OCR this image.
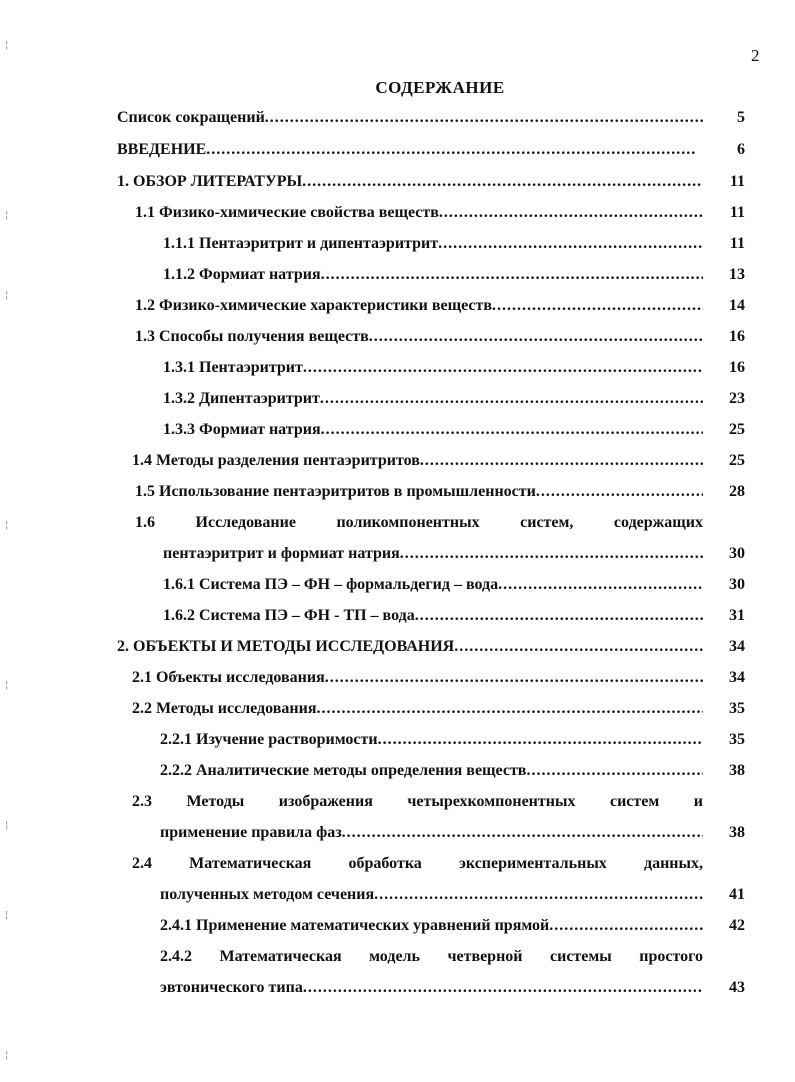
2
СОДЕРЖАНИЕ
Список сокращений .....	5
ВВЕДЕНИЕ .....	6
1. ОБЗОР ЛИТЕРАТУРЫ .....	11
1.1 Физико-химические свойства веществ .....	11
1.1.1 Пентаэритрит и дипентаэритрит .....	11
1.1.2 Формиат натрия .....	13
1.2 Физико-химические характеристики веществ .....	14
1.3 Способы получения веществ .....	16
1.3.1 Пентаэритрит .....	16
1.3.2 Дипентаэритрит .....	23
1.3.3 Формиат натрия .....	25
1.4 Методы разделения пентаэритритов .....	25
1.5 Использование пентаэритритов в промышленности .....	28
1.6 Исследование поликомпонентных систем, содержащих
пентаэритрит и формиат натрия .....	30
1.6.1 Система ПЭ – ФН – формальдегид – вода .....	30
1.6.2 Система ПЭ – ФН - ТП – вода .....	31
2. ОБЪЕКТЫ И МЕТОДЫ ИССЛЕДОВАНИЯ .....	34
2.1 Объекты исследования .....	34
2.2 Методы исследования .....	35
2.2.1 Изучение растворимости .....	35
2.2.2 Аналитические методы определения веществ .....	38
2.3 Методы изображения четырехкомпонентных систем и
применение правила фаз .....	38
2.4 Математическая обработка экспериментальных данных,
полученных методом сечения .....	41
2.4.1 Применение математических уравнений прямой .....	42
2.4.2 Математическая модель четверной системы простого
эвтонического типа .....	43
¦
¦
¦
¦
¦
¦
¦
¦
